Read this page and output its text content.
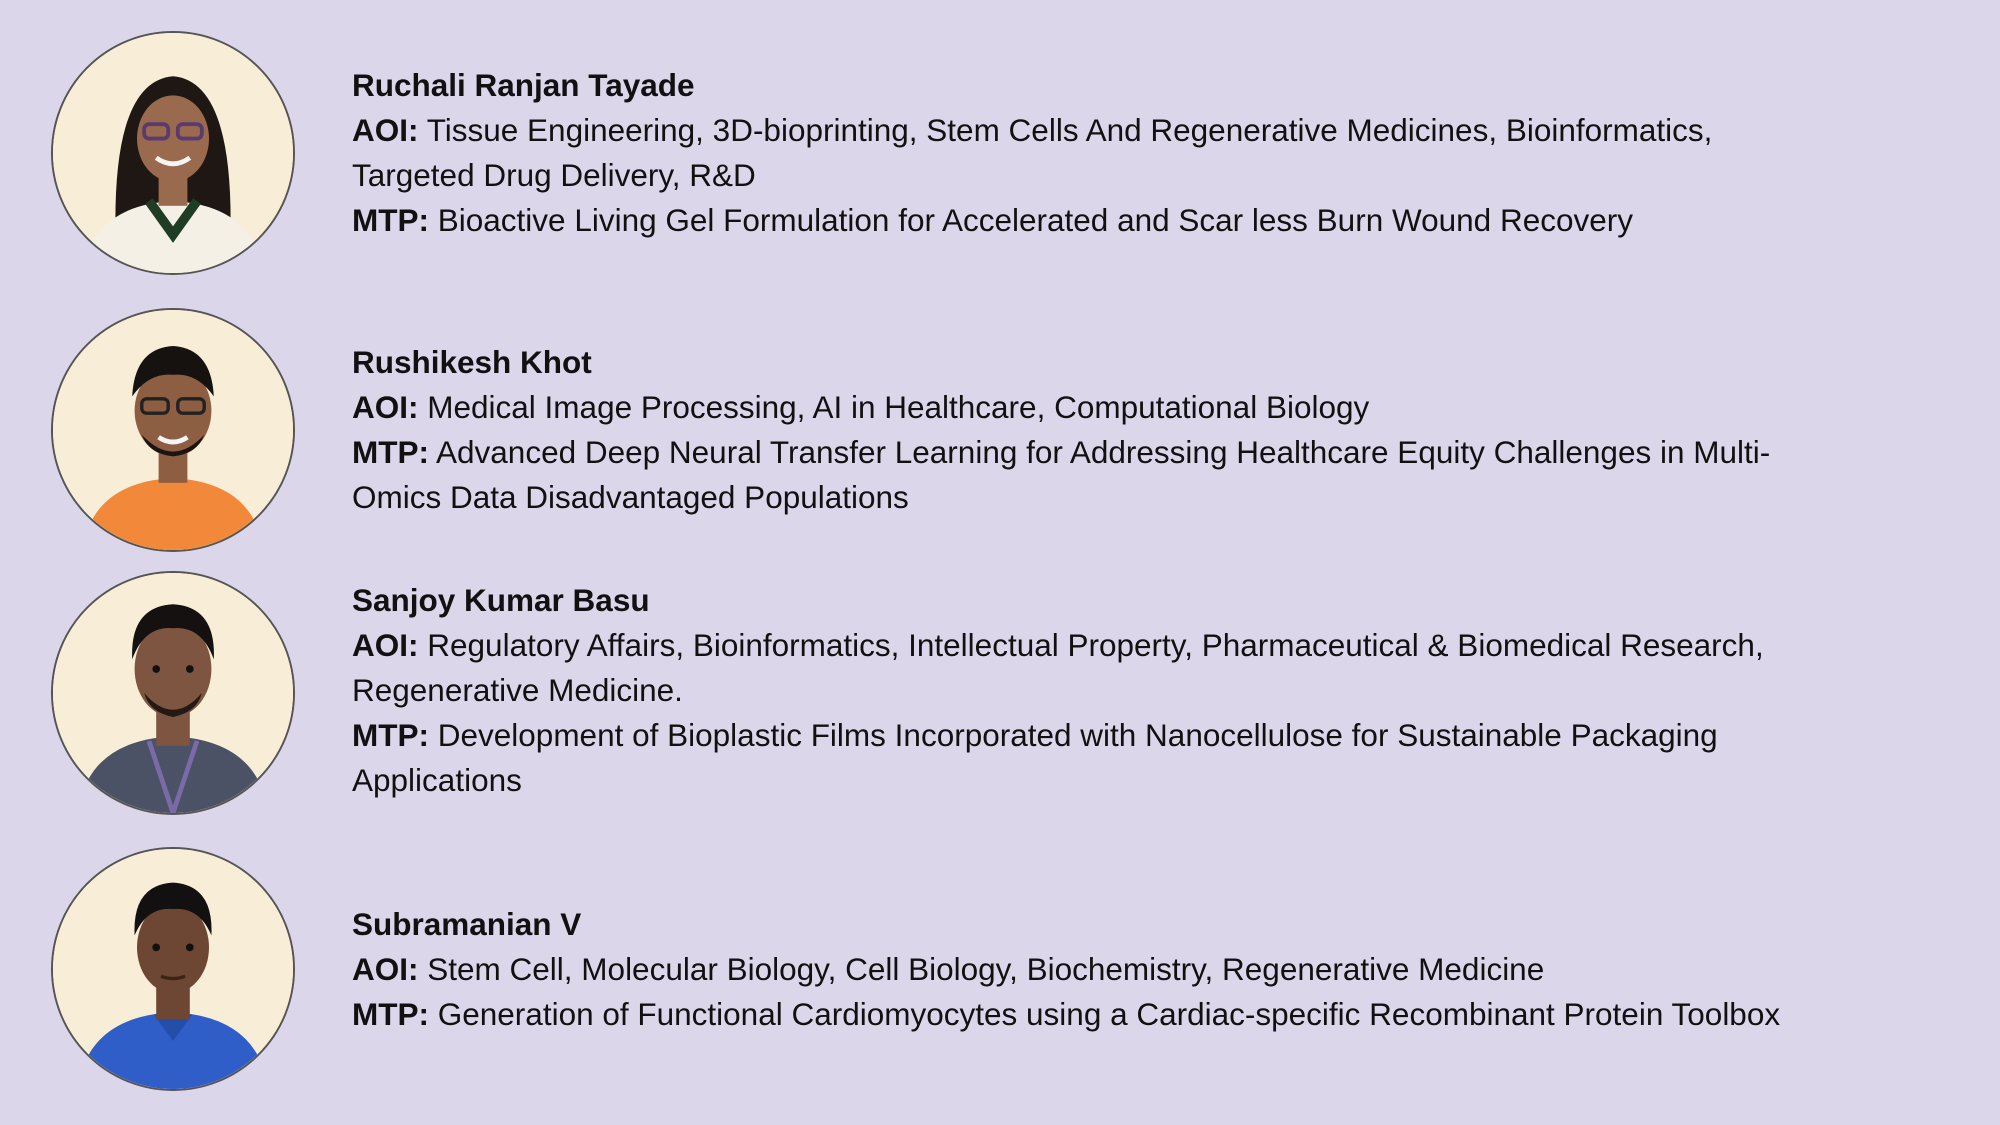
Ruchali Ranjan Tayade
AOI: Tissue Engineering, 3D-bioprinting, Stem Cells And Regenerative Medicines, Bioinformatics,
Targeted Drug Delivery, R&D
MTP: Bioactive Living Gel Formulation for Accelerated and Scar less Burn Wound Recovery
Rushikesh Khot
AOI: Medical Image Processing, AI in Healthcare, Computational Biology
MTP: Advanced Deep Neural Transfer Learning for Addressing Healthcare Equity Challenges in Multi-
Omics Data Disadvantaged Populations
Sanjoy Kumar Basu
AOI: Regulatory Affairs, Bioinformatics, Intellectual Property, Pharmaceutical & Biomedical Research,
Regenerative Medicine.
MTP: Development of Bioplastic Films Incorporated with Nanocellulose for Sustainable Packaging
Applications
Subramanian V
AOI: Stem Cell, Molecular Biology, Cell Biology, Biochemistry, Regenerative Medicine
MTP: Generation of Functional Cardiomyocytes using a Cardiac-specific Recombinant Protein Toolbox
